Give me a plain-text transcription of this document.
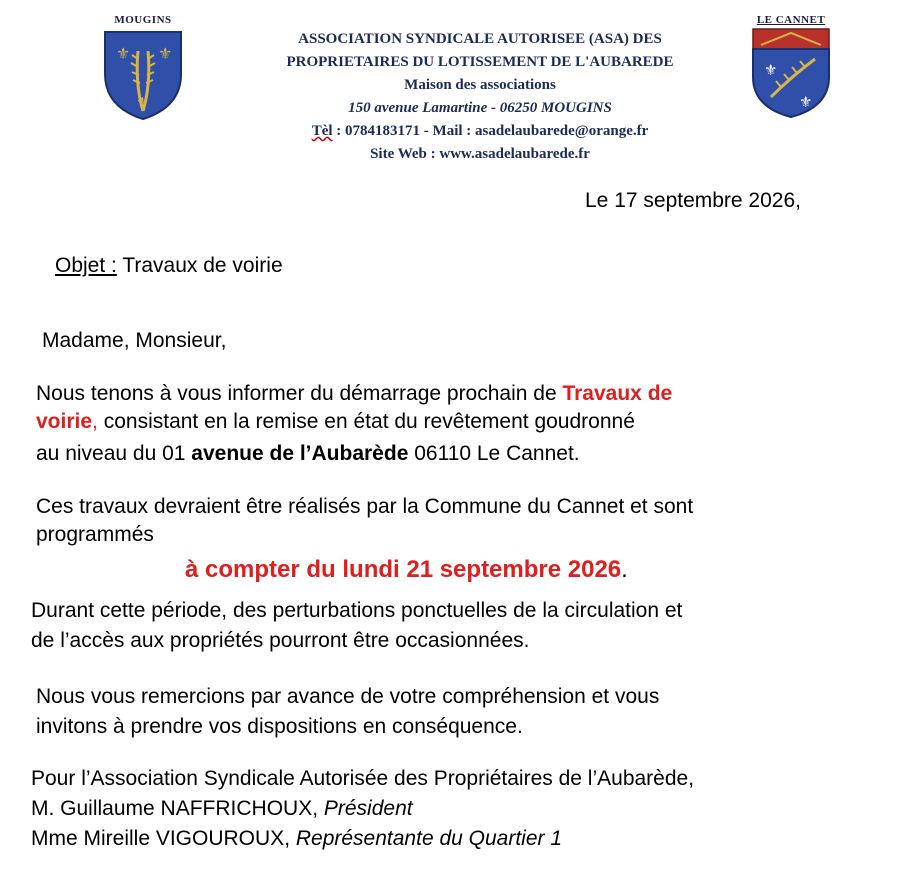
MOUGINS
⚜ ⚜
⚜
ASSOCIATION SYNDICALE AUTORISEE (ASA) DES
PROPRIETAIRES DU LOTISSEMENT DE L'AUBAREDE
Maison des associations
150 avenue Lamartine - 06250 MOUGINS
Tèl : 0784183171 - Mail : asadelaubarede@orange.fr
Site Web : www.asadelaubarede.fr
LE CANNET
⚜
⚜
Le 17 septembre 2026,
Objet : Travaux de voirie
Madame, Monsieur,
Nous tenons à vous informer du démarrage prochain de Travaux de
voirie, consistant en la remise en état du revêtement goudronné
au niveau du 01 avenue de l’Aubarède 06110 Le Cannet.
Ces travaux devraient être réalisés par la Commune du Cannet et sont
programmés
à compter du lundi 21 septembre 2026.
Durant cette période, des perturbations ponctuelles de la circulation et
de l’accès aux propriétés pourront être occasionnées.
Nous vous remercions par avance de votre compréhension et vous
invitons à prendre vos dispositions en conséquence.
Pour l’Association Syndicale Autorisée des Propriétaires de l’Aubarède,
M. Guillaume NAFFRICHOUX, Président
Mme Mireille VIGOUROUX, Représentante du Quartier 1
